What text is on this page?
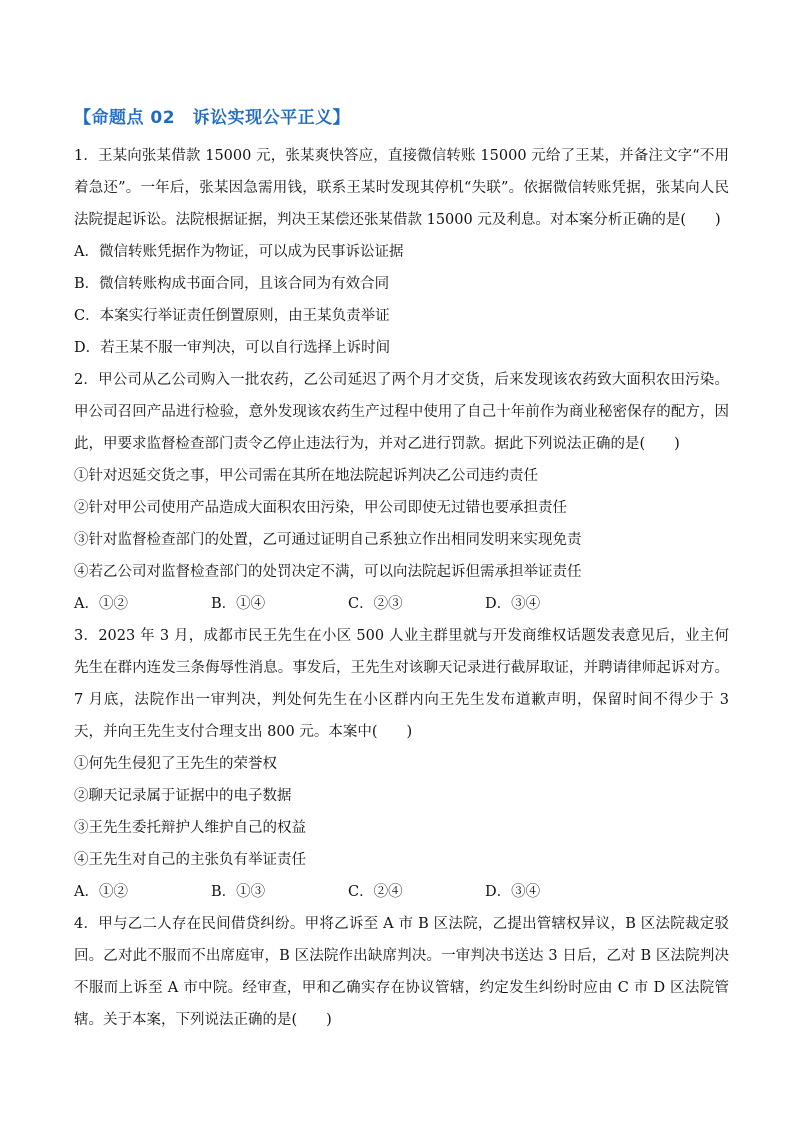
【命题点 02　诉讼实现公平正义】

1．王某向张某借款 15000 元，张某爽快答应，直接微信转账 15000 元给了王某，并备注文字“不用着急还”。一年后，张某因急需用钱，联系王某时发现其停机“失联”。依据微信转账凭据，张某向人民法院提起诉讼。法院根据证据，判决王某偿还张某借款 15000 元及利息。对本案分析正确的是(　　)

A．微信转账凭据作为物证，可以成为民事诉讼证据

B．微信转账构成书面合同，且该合同为有效合同

C．本案实行举证责任倒置原则，由王某负责举证

D．若王某不服一审判决，可以自行选择上诉时间

2．甲公司从乙公司购入一批农药，乙公司延迟了两个月才交货，后来发现该农药致大面积农田污染。甲公司召回产品进行检验，意外发现该农药生产过程中使用了自己十年前作为商业秘密保存的配方，因此，甲要求监督检查部门责令乙停止违法行为，并对乙进行罚款。据此下列说法正确的是(　　)

①针对迟延交货之事，甲公司需在其所在地法院起诉判决乙公司违约责任

②针对甲公司使用产品造成大面积农田污染，甲公司即使无过错也要承担责任

③针对监督检查部门的处置，乙可通过证明自己系独立作出相同发明来实现免责

④若乙公司对监督检查部门的处罚决定不满，可以向法院起诉但需承担举证责任

A．①②	B．①④	C．②③	D．③④

3．2023 年 3 月，成都市民王先生在小区 500 人业主群里就与开发商维权话题发表意见后，业主何先生在群内连发三条侮辱性消息。事发后，王先生对该聊天记录进行截屏取证，并聘请律师起诉对方。7 月底，法院作出一审判决，判处何先生在小区群内向王先生发布道歉声明，保留时间不得少于 3 天，并向王先生支付合理支出 800 元。本案中(　　)

①何先生侵犯了王先生的荣誉权

②聊天记录属于证据中的电子数据

③王先生委托辩护人维护自己的权益

④王先生对自己的主张负有举证责任

A．①②	B．①③	C．②④	D．③④

4．甲与乙二人存在民间借贷纠纷。甲将乙诉至 A 市 B 区法院，乙提出管辖权异议，B 区法院裁定驳回。乙对此不服而不出席庭审，B 区法院作出缺席判决。一审判决书送达 3 日后，乙对 B 区法院判决不服而上诉至 A 市中院。经审查，甲和乙确实存在协议管辖，约定发生纠纷时应由 C 市 D 区法院管辖。关于本案，下列说法正确的是(　　)
